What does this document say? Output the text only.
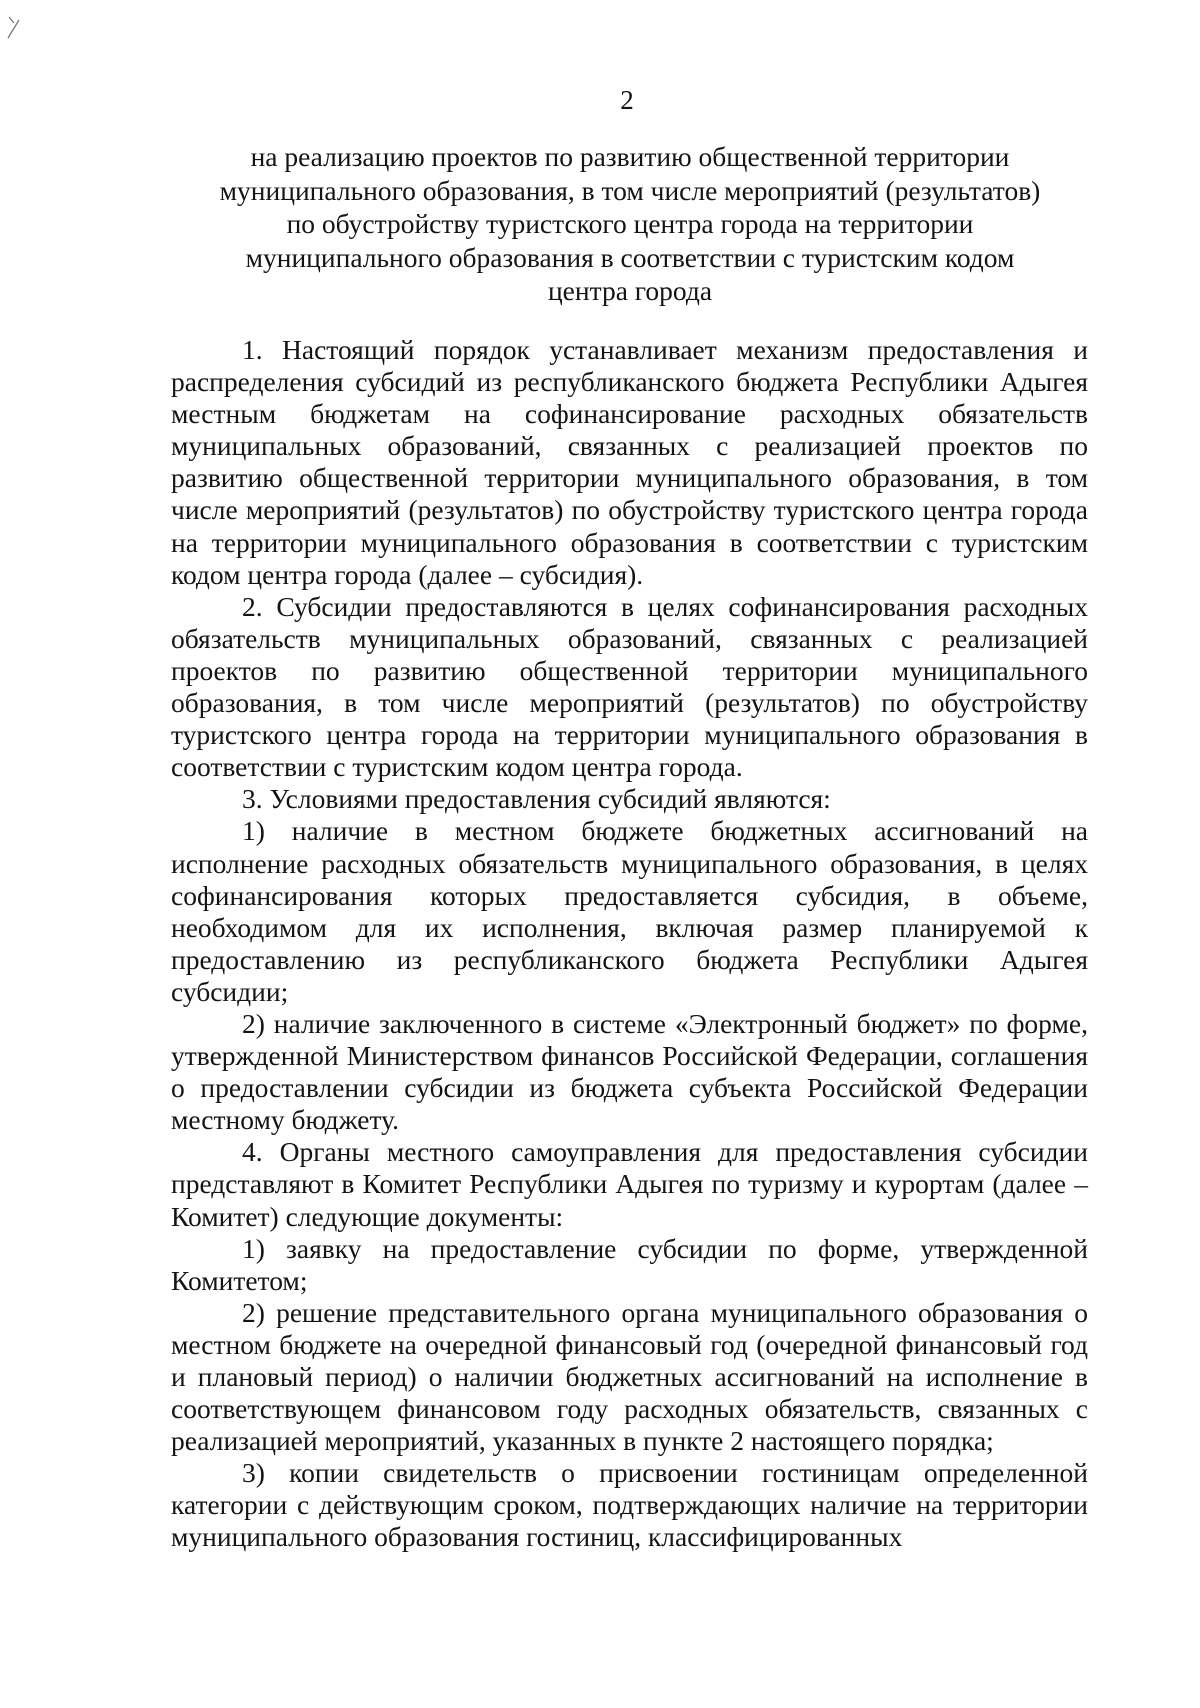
2
на реализацию проектов по развитию общественной территории
муниципального образования, в том числе мероприятий (результатов)
по обустройству туристского центра города на территории
муниципального образования в соответствии с туристским кодом
центра города

1. Настоящий порядок устанавливает механизм предоставления и распределения субсидий из республиканского бюджета Республики Адыгея местным бюджетам на софинансирование расходных обязательств муниципальных образований, связанных с реализацией проектов по развитию общественной территории муниципального образования, в том числе мероприятий (результатов) по обустройству туристского центра города на территории муниципального образования в соответствии с туристским кодом центра города (далее – субсидия).

2. Субсидии предоставляются в целях софинансирования расходных обязательств муниципальных образований, связанных с реализацией проектов по развитию общественной территории муниципального образования, в том числе мероприятий (результатов) по обустройству туристского центра города на территории муниципального образования в соответствии с туристским кодом центра города.

3. Условиями предоставления субсидий являются:

1) наличие в местном бюджете бюджетных ассигнований на исполнение расходных обязательств муниципального образования, в целях софинансирования которых предоставляется субсидия, в объеме, необходимом для их исполнения, включая размер планируемой к предоставлению из республиканского бюджета Республики Адыгея субсидии;

2) наличие заключенного в системе «Электронный бюджет» по форме, утвержденной Министерством финансов Российской Федерации, соглашения о предоставлении субсидии из бюджета субъекта Российской Федерации местному бюджету.

4. Органы местного самоуправления для предоставления субсидии представляют в Комитет Республики Адыгея по туризму и курортам (далее – Комитет) следующие документы:

1) заявку на предоставление субсидии по форме, утвержденной Комитетом;

2) решение представительного органа муниципального образования о местном бюджете на очередной финансовый год (очередной финансовый год и плановый период) о наличии бюджетных ассигнований на исполнение в соответствующем финансовом году расходных обязательств, связанных с реализацией мероприятий, указанных в пункте 2 настоящего порядка;

3) копии свидетельств о присвоении гостиницам определенной категории с действующим сроком, подтверждающих наличие на территории муниципального образования гостиниц, классифицированных
